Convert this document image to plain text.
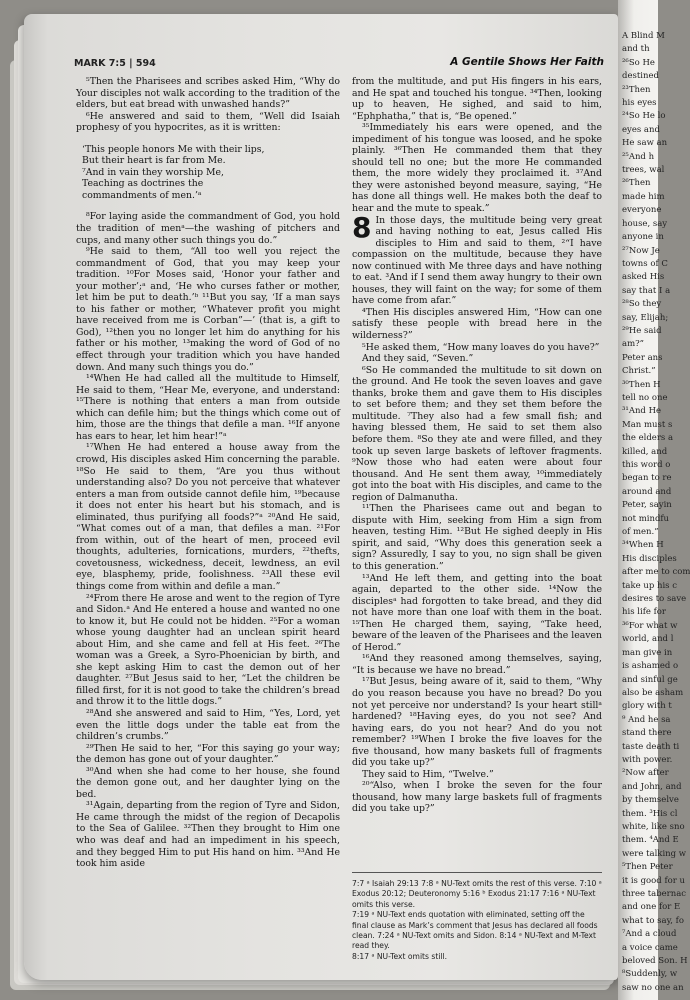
MARK 7:5 | 594	A Gentile Shows Her Faith

⁵Then the Pharisees and scribes asked Him, “Why do Your disciples not walk according to the tradition of the elders, but eat bread with unwashed hands?”

⁶He answered and said to them, “Well did Isaiah prophesy of you hypocrites, as it is written:

‘This people honors Me with their lips,
But their heart is far from Me.
⁷And in vain they worship Me,
Teaching as doctrines the
commandments of men.’ᵃ

⁸For laying aside the commandment of God, you hold the tradition of menᵃ—the washing of pitchers and cups, and many other such things you do.”

⁹He said to them, “All too well you reject the commandment of God, that you may keep your tradition. ¹⁰For Moses said, ‘Honor your father and your mother’;ᵃ and, ‘He who curses father or mother, let him be put to death.’ᵇ ¹¹But you say, ‘If a man says to his father or mother, “Whatever profit you might have received from me is Corban”—’ (that is, a gift to God), ¹²then you no longer let him do anything for his father or his mother, ¹³making the word of God of no effect through your tradition which you have handed down. And many such things you do.”

¹⁴When He had called all the multitude to Himself, He said to them, “Hear Me, everyone, and understand: ¹⁵There is nothing that enters a man from outside which can defile him; but the things which come out of him, those are the things that defile a man. ¹⁶If anyone has ears to hear, let him hear!”ᵃ

¹⁷When He had entered a house away from the crowd, His disciples asked Him concerning the parable. ¹⁸So He said to them, “Are you thus without understanding also? Do you not perceive that whatever enters a man from outside cannot defile him, ¹⁹because it does not enter his heart but his stomach, and is eliminated, thus purifying all foods?”ᵃ ²⁰And He said, “What comes out of a man, that defiles a man. ²¹For from within, out of the heart of men, proceed evil thoughts, adulteries, fornications, murders, ²²thefts, covetousness, wickedness, deceit, lewdness, an evil eye, blasphemy, pride, foolishness. ²³All these evil things come from within and defile a man.”

²⁴From there He arose and went to the region of Tyre and Sidon.ᵃ And He entered a house and wanted no one to know it, but He could not be hidden. ²⁵For a woman whose young daughter had an unclean spirit heard about Him, and she came and fell at His feet. ²⁶The woman was a Greek, a Syro-Phoenician by birth, and she kept asking Him to cast the demon out of her daughter. ²⁷But Jesus said to her, “Let the children be filled first, for it is not good to take the children’s bread and throw it to the little dogs.”

²⁸And she answered and said to Him, “Yes, Lord, yet even the little dogs under the table eat from the children’s crumbs.”

²⁹Then He said to her, “For this saying go your way; the demon has gone out of your daughter.”

³⁰And when she had come to her house, she found the demon gone out, and her daughter lying on the bed.

³¹Again, departing from the region of Tyre and Sidon, He came through the midst of the region of Decapolis to the Sea of Galilee. ³²Then they brought to Him one who was deaf and had an impediment in his speech, and they begged Him to put His hand on him. ³³And He took him aside

from the multitude, and put His fingers in his ears, and He spat and touched his tongue. ³⁴Then, looking up to heaven, He sighed, and said to him, “Ephphatha,” that is, “Be opened.”

³⁵Immediately his ears were opened, and the impediment of his tongue was loosed, and he spoke plainly. ³⁶Then He commanded them that they should tell no one; but the more He commanded them, the more widely they proclaimed it. ³⁷And they were astonished beyond measure, saying, “He has done all things well. He makes both the deaf to hear and the mute to speak.”

8 In those days, the multitude being very great and having nothing to eat, Jesus called His disciples to Him and said to them, ²“I have compassion on the multitude, because they have now continued with Me three days and have nothing to eat. ³And if I send them away hungry to their own houses, they will faint on the way; for some of them have come from afar.”

⁴Then His disciples answered Him, “How can one satisfy these people with bread here in the wilderness?”

⁵He asked them, “How many loaves do you have?”

And they said, “Seven.”

⁶So He commanded the multitude to sit down on the ground. And He took the seven loaves and gave thanks, broke them and gave them to His disciples to set before them; and they set them before the multitude. ⁷They also had a few small fish; and having blessed them, He said to set them also before them. ⁸So they ate and were filled, and they took up seven large baskets of leftover fragments. ⁹Now those who had eaten were about four thousand. And He sent them away, ¹⁰immediately got into the boat with His disciples, and came to the region of Dalmanutha.

¹¹Then the Pharisees came out and began to dispute with Him, seeking from Him a sign from heaven, testing Him. ¹²But He sighed deeply in His spirit, and said, “Why does this generation seek a sign? Assuredly, I say to you, no sign shall be given to this generation.”

¹³And He left them, and getting into the boat again, departed to the other side. ¹⁴Now the disciplesᵃ had forgotten to take bread, and they did not have more than one loaf with them in the boat. ¹⁵Then He charged them, saying, “Take heed, beware of the leaven of the Pharisees and the leaven of Herod.”

¹⁶And they reasoned among themselves, saying, “It is because we have no bread.”

¹⁷But Jesus, being aware of it, said to them, “Why do you reason because you have no bread? Do you not yet perceive nor understand? Is your heart stillᵃ hardened? ¹⁸Having eyes, do you not see? And having ears, do you not hear? And do you not remember? ¹⁹When I broke the five loaves for the five thousand, how many baskets full of fragments did you take up?”

They said to Him, “Twelve.”

²⁰“Also, when I broke the seven for the four thousand, how many large baskets full of fragments did you take up?”

7:7 ᵃ Isaiah 29:13 7:8 ᵃ NU-Text omits the rest of this verse. 7:10 ᵃ Exodus 20:12; Deuteronomy 5:16 ᵇ Exodus 21:17 7:16 ᵃ NU-Text omits this verse.
7:19 ᵃ NU-Text ends quotation with eliminated, setting off the final clause as Mark’s comment that Jesus has declared all foods clean. 7:24 ᵃ NU-Text omits and Sidon. 8:14 ᵃ NU-Text and M-Text read they.
8:17 ᵃ NU-Text omits still.
A Blind M
and th
²⁶So He
destined
²³Then
his eyes
²⁴So He lo
eyes and
He saw an
²⁵And h
trees, wal
²⁶Then
made him
everyone
house, say
anyone in
²⁷Now Je
towns of C
asked His
say that I a
²⁸So they
say, Elijah;
²⁹He said
am?”
Peter ans
Christ.”
³⁰Then H
tell no one
³¹And He
Man must s
the elders a
killed, and
this word o
began to re
around and
Peter, sayin
not mindfu
of men.”
³⁴When H
His disciples
after me to com
take up his c
desires to save
his life for
³⁶For what w
world, and l
man give in
is ashamed o
and sinful ge
also be asham
glory with t
⁹ And he sa
stand there
taste death ti
with power.
²Now after
and John, and
by themselve
them. ³His cl
white, like sno
them. ⁴And E
were talking w
⁵Then Peter
it is good for u
three tabernac
and one for E
what to say, fo
⁷And a cloud
a voice came
beloved Son. H
⁸Suddenly, w
saw no one an
